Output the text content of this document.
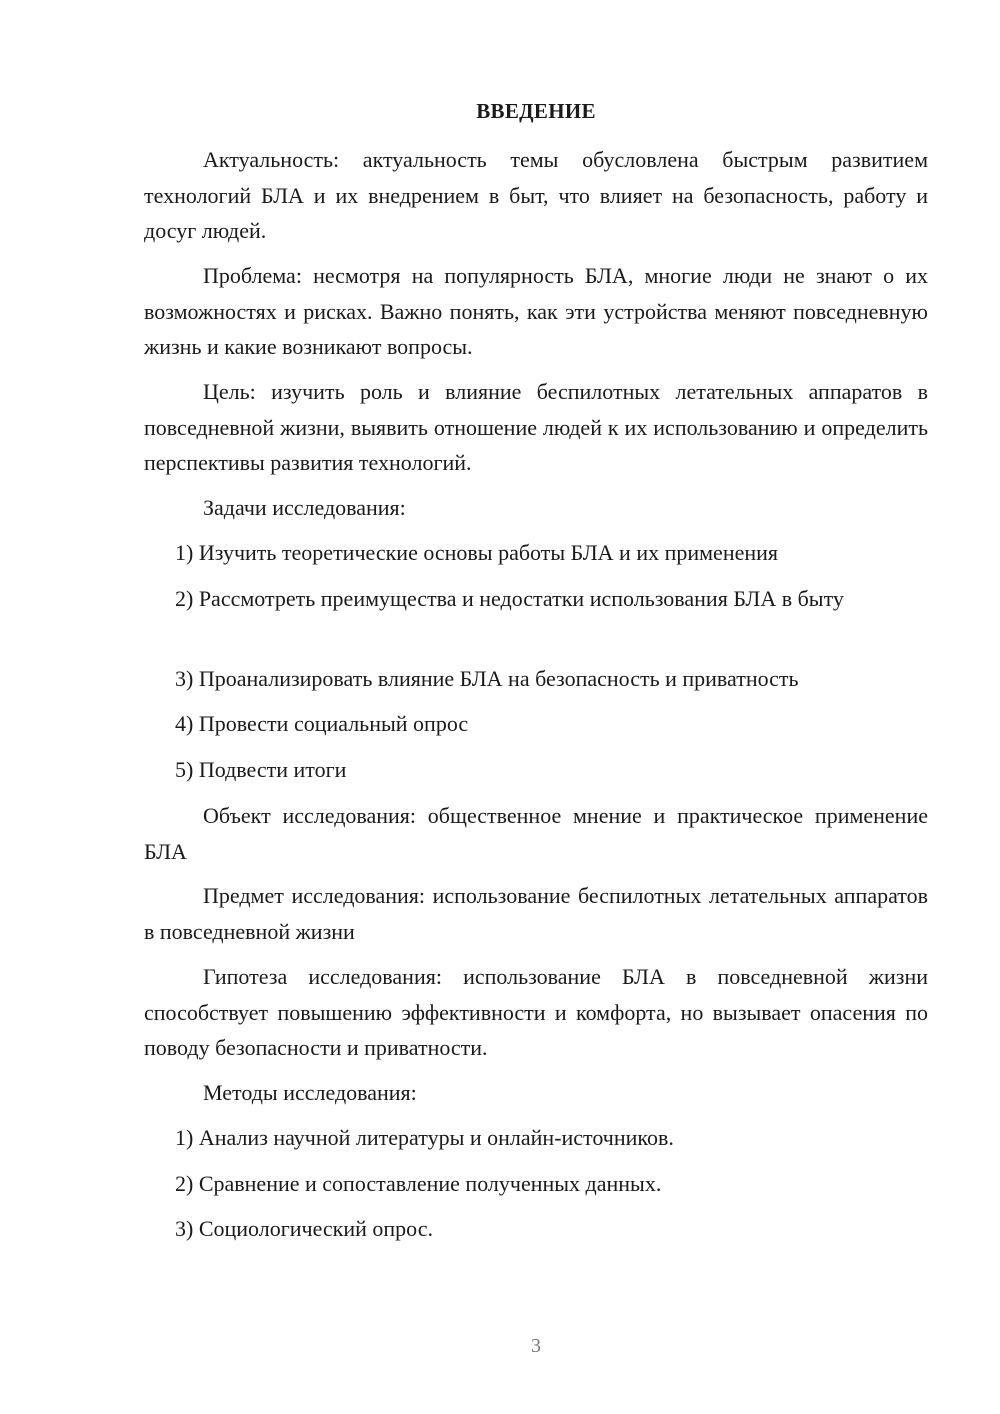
ВВЕДЕНИЕ

Актуальность: актуальность темы обусловлена быстрым развитием технологий БЛА и их внедрением в быт, что влияет на безопасность, работу и досуг людей.

Проблема: несмотря на популярность БЛА, многие люди не знают о их возможностях и рисках. Важно понять, как эти устройства меняют повседневную жизнь и какие возникают вопросы.

Цель: изучить роль и влияние беспилотных летательных аппаратов в повседневной жизни, выявить отношение людей к их использованию и определить перспективы развития технологий.

Задачи исследования:

1) Изучить теоретические основы работы БЛА и их применения

2) Рассмотреть преимущества и недостатки использования БЛА в быту

3) Проанализировать влияние БЛА на безопасность и приватность

4) Провести социальный опрос

5) Подвести итоги

Объект исследования: общественное мнение и практическое применение БЛА

Предмет исследования: использование беспилотных летательных аппаратов в повседневной жизни

Гипотеза исследования: использование БЛА в повседневной жизни способствует повышению эффективности и комфорта, но вызывает опасения по поводу безопасности и приватности.

Методы исследования:

1) Анализ научной литературы и онлайн-источников.

2) Сравнение и сопоставление полученных данных.

3) Социологический опрос.

3
